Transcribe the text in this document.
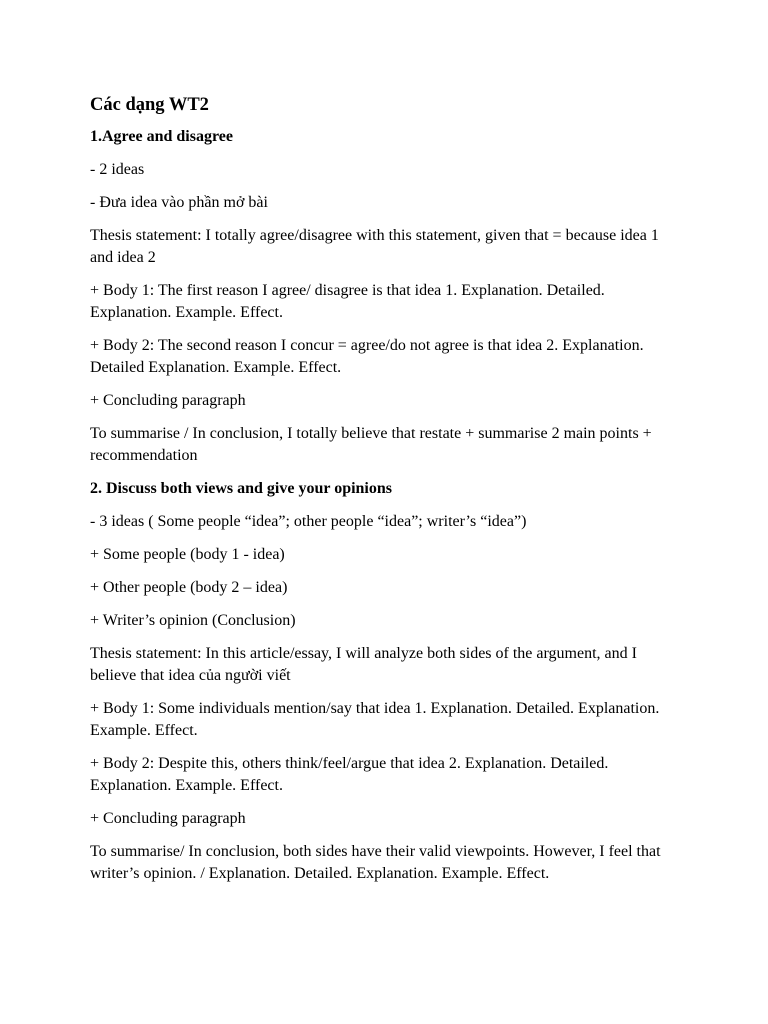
Các dạng WT2
1.Agree and disagree
- 2 ideas
- Đưa idea vào phần mở bài
Thesis statement: I totally agree/disagree with this statement, given that = because idea 1 and idea 2
+ Body 1: The first reason I agree/ disagree is that idea 1. Explanation. Detailed. Explanation. Example. Effect.
+ Body 2: The second reason I concur = agree/do not agree is that idea 2. Explanation. Detailed Explanation. Example. Effect.
+ Concluding paragraph
To summarise / In conclusion, I totally believe that restate + summarise 2 main points + recommendation
2. Discuss both views and give your opinions
- 3 ideas ( Some people “idea”; other people “idea”; writer’s “idea”)
+ Some people (body 1 - idea)
+ Other people (body 2 – idea)
+ Writer’s opinion (Conclusion)
Thesis statement: In this article/essay, I will analyze both sides of the argument, and I believe that idea của người viết
+ Body 1: Some individuals mention/say that idea 1. Explanation. Detailed. Explanation. Example. Effect.
+ Body 2: Despite this, others think/feel/argue that idea 2. Explanation. Detailed. Explanation. Example. Effect.
+ Concluding paragraph
To summarise/ In conclusion, both sides have their valid viewpoints. However, I feel that writer’s opinion. / Explanation. Detailed. Explanation. Example. Effect.
